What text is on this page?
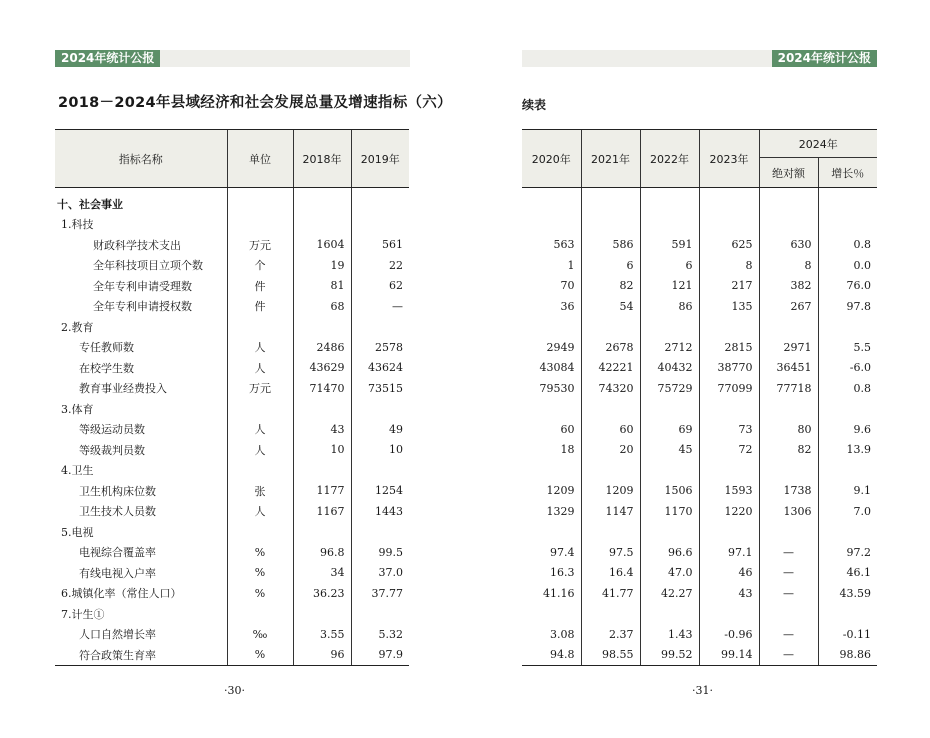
2024年统计公报	2024年统计公报
2018－2024年县域经济和社会发展总量及增速指标（六）	续表
指标名称	单位	2018年	2019年
十、社会事业			
1.科技			
财政科学技术支出	万元	1604	561
全年科技项目立项个数	个	19	22
全年专利申请受理数	件	81	62
全年专利申请授权数	件	68	—
2.教育			
专任教师数	人	2486	2578
在校学生数	人	43629	43624
教育事业经费投入	万元	71470	73515
3.体育			
等级运动员数	人	43	49
等级裁判员数	人	10	10
4.卫生			
卫生机构床位数	张	1177	1254
卫生技术人员数	人	1167	1443
5.电视			
电视综合覆盖率	%	96.8	99.5
有线电视入户率	%	34	37.0
6.城镇化率（常住人口）	%	36.23	37.77
7.计生①			
人口自然增长率	‰	3.55	5.32
符合政策生育率	%	96	97.9
2020年	2021年	2022年	2023年	2024年	
				绝对额	增长％

563	586	591	625	630	0.8
1	6	6	8	8	0.0
70	82	121	217	382	76.0
36	54	86	135	267	97.8

2949	2678	2712	2815	2971	5.5
43084	42221	40432	38770	36451	-6.0
79530	74320	75729	77099	77718	0.8

60	60	69	73	80	9.6
18	20	45	72	82	13.9

1209	1209	1506	1593	1738	9.1
1329	1147	1170	1220	1306	7.0

97.4	97.5	96.6	97.1	—	97.2
16.3	16.4	47.0	46	—	46.1
41.16	41.77	42.27	43	—	43.59

3.08	2.37	1.43	-0.96	—	-0.11
94.8	98.55	99.52	99.14	—	98.86
·30·	·31·
